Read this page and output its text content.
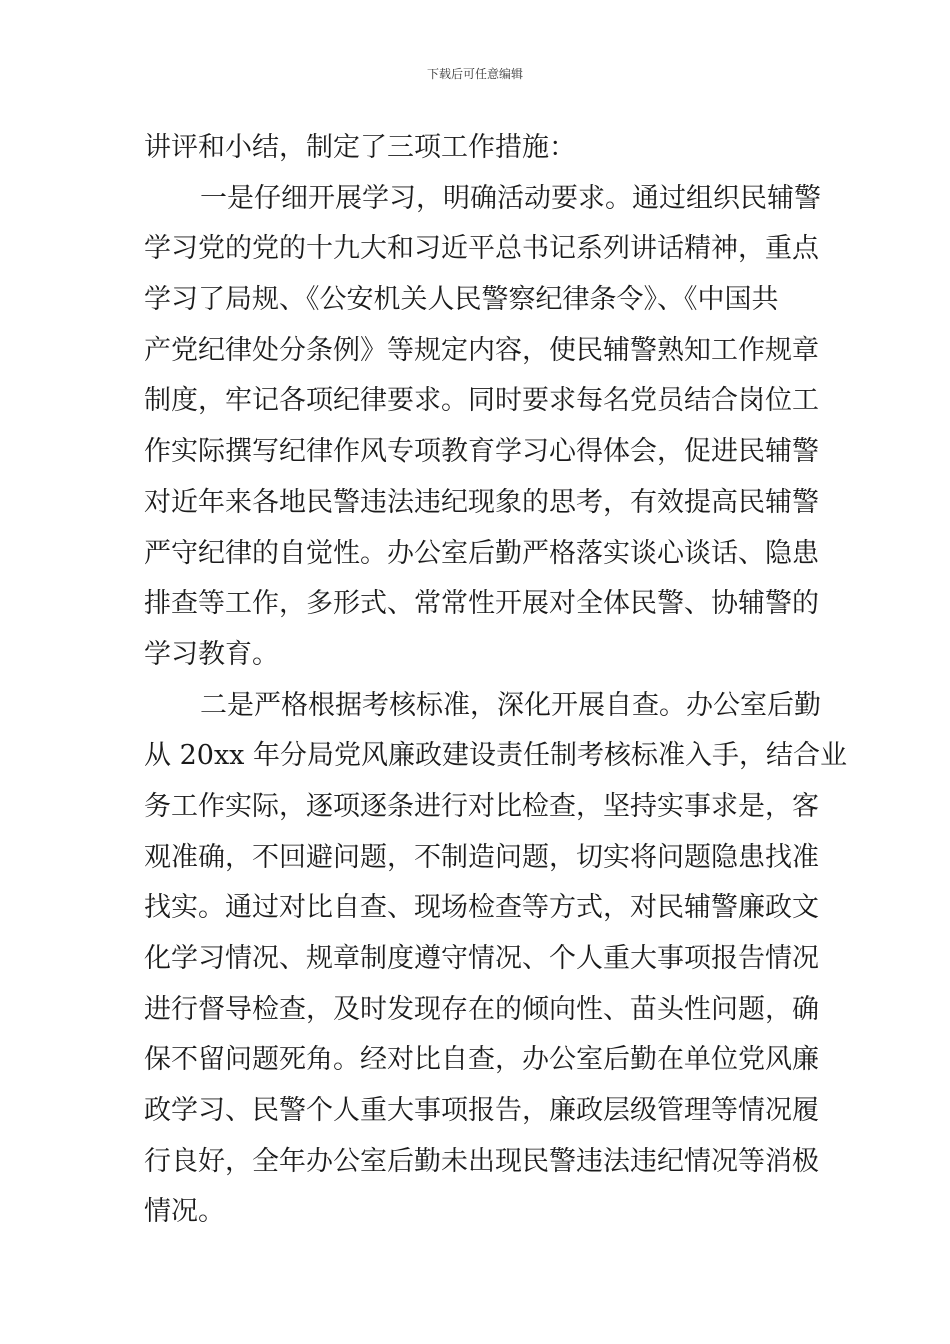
下载后可任意编辑
讲评和小结，制定了三项工作措施：
一是仔细开展学习，明确活动要求。通过组织民辅警
学习党的党的十九大和习近平总书记系列讲话精神，重点
学习了局规、《公安机关人民警察纪律条令》、《中国共
产党纪律处分条例》等规定内容，使民辅警熟知工作规章
制度，牢记各项纪律要求。同时要求每名党员结合岗位工
作实际撰写纪律作风专项教育学习心得体会，促进民辅警
对近年来各地民警违法违纪现象的思考，有效提高民辅警
严守纪律的自觉性。办公室后勤严格落实谈心谈话、隐患
排查等工作，多形式、常常性开展对全体民警、协辅警的
学习教育。
二是严格根据考核标准，深化开展自查。办公室后勤
从 20xx 年分局党风廉政建设责任制考核标准入手，结合业
务工作实际，逐项逐条进行对比检查，坚持实事求是，客
观准确，不回避问题，不制造问题，切实将问题隐患找准
找实。通过对比自查、现场检查等方式，对民辅警廉政文
化学习情况、规章制度遵守情况、个人重大事项报告情况
进行督导检查，及时发现存在的倾向性、苗头性问题，确
保不留问题死角。经对比自查，办公室后勤在单位党风廉
政学习、民警个人重大事项报告，廉政层级管理等情况履
行良好，全年办公室后勤未出现民警违法违纪情况等消极
情况。
